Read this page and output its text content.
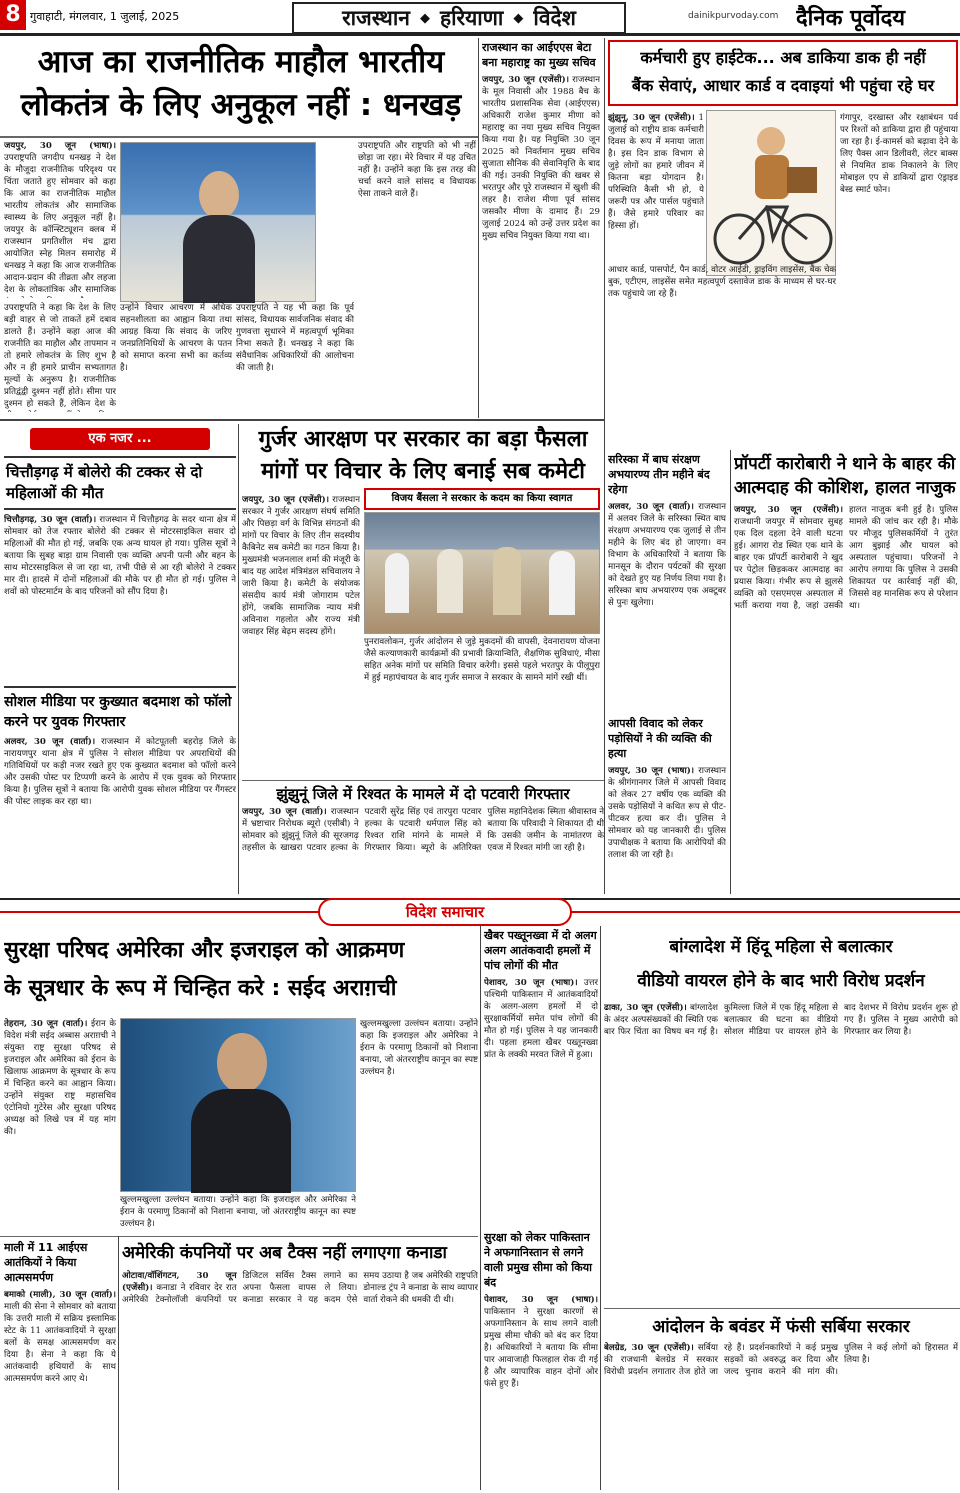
8 गुवाहाटी, मंगलवार, 1 जुलाई, 2025	राजस्थान ◆ हरियाणा ◆ विदेश	dainikpurvoday.com दैनिक पूर्वोदय
आज का राजनीतिक माहौल भारतीय
लोकतंत्र के लिए अनुकूल नहीं : धनखड़
जयपुर, 30 जून (भाषा)। उपराष्ट्रपति जगदीप धनखड़ ने देश के मौजूदा राजनीतिक परिदृश्य पर चिंता जताते हुए सोमवार को कहा कि आज का राजनीतिक माहौल भारतीय लोकतंत्र और सामाजिक स्वास्थ्य के लिए अनुकूल नहीं है। जयपुर के कॉन्स्टिट्यूशन क्लब में राजस्थान प्रगतिशील मंच द्वारा आयोजित स्नेह मिलन समारोह में धनखड़ ने कहा कि आज राजनीतिक आदान-प्रदान की तीव्रता और लहजा देश के लोकतांत्रिक और सामाजिक
उपराष्ट्रपति ने कहा कि देश के लिए बड़ी वाहर से जो ताकतें हमें दबाव डालते हैं। उन्होंने कहा आज की राजनीति का माहौल और तापमान न तो हमारे लोकतंत्र के लिए शुभ है और न ही हमारे प्राचीन सभ्यतागत मूल्यों के अनुरूप है। राजनीतिक प्रतिद्वंद्वी दुश्मन नहीं होते। सीमा पार दुश्मन हो सकते हैं, लेकिन देश के
उन्होंने विचार आचरण में अधिक सहनशीलता का आह्वान किया तथा आग्रह किया कि संवाद के जरिए जनप्रतिनिधियों के आचरण के पतन को समाप्त करना सभी का कर्तव्य है।
उपराष्ट्रपति ने यह भी कहा कि पूर्व सांसद, विधायक सार्वजनिक संवाद की गुणवत्ता सुधारने में महत्वपूर्ण भूमिका निभा सकते हैं। धनखड़ ने कहा कि संवैधानिक अधिकारियों की आलोचना की जाती है।
उपराष्ट्रपति और राष्ट्रपति को भी नहीं छोड़ा जा रहा। मेरे विचार में यह उचित नहीं है। उन्होंने कहा कि इस तरह की चर्चा करने वाले सांसद व विधायक ऐसा ताकने वाले हैं।
राजस्थान का आईएएस बेटा बना महाराष्ट्र का मुख्य सचिव
जयपुर, 30 जून (एजेंसी)। राजस्थान के मूल निवासी और 1988 बैच के भारतीय प्रशासनिक सेवा (आईएएस) अधिकारी राजेश कुमार मीणा को महाराष्ट्र का नया मुख्य सचिव नियुक्त किया गया है। यह नियुक्ति 30 जून 2025 को निवर्तमान मुख्य सचिव सुजाता सौनिक की सेवानिवृत्ति के बाद की गई। उनकी नियुक्ति की खबर से भरतपुर और पूरे राजस्थान में खुशी की लहर है। राजेश मीणा पूर्व सांसद जसकौर मीणा के दामाद हैं। 29 जुलाई 2024 को उन्हें उत्तर प्रदेश का मुख्य सचिव नियुक्त किया गया था।
कर्मचारी हुए हाईटेक... अब डाकिया डाक ही नहीं
बैंक सेवाएं, आधार कार्ड व दवाइयां भी पहुंचा रहे घर
झुंझुनू, 30 जून (एजेंसी)। 1 जुलाई को राष्ट्रीय डाक कर्मचारी दिवस के रूप में मनाया जाता है। इस दिन डाक विभाग से जुड़े लोगों का हमारे जीवन में कितना बड़ा योगदान है। परिस्थिति कैसी भी हो, ये जरूरी पत्र और पार्सल पहुंचाते हैं। जैसे हमारे परिवार का हिस्सा हों।
गंगापुर, दरखास्त और रक्षाबंधन पर्व पर रिश्तों को डाकिया द्वारा ही पहुंचाया जा रहा है। ई-कामर्स को बढ़ावा देने के लिए पैक्स आन डिलीवरी, लेटर बाक्स से नियमित डाक निकालने के लिए मोबाइल एप से डाकियों द्वारा एंड्राइड बेस्ड स्मार्ट फोन।
आधार कार्ड, पासपोर्ट, पैन कार्ड, वोटर आईडी, ड्राइविंग लाइसेंस, बैंक चेक बुक, एटीएम, लाइसेंस समेत महत्वपूर्ण दस्तावेज डाक के माध्यम से घर-घर तक पहुंचाये जा रहे हैं।
एक नजर ...
चित्तौड़गढ़ में बोलेरो की टक्कर से दो महिलाओं की मौत
चित्तौड़गढ़, 30 जून (वार्ता)। राजस्थान में चित्तौड़गढ़ के सदर थाना क्षेत्र में सोमवार को तेज रफ्तार बोलेरो की टक्कर से मोटरसाइकिल सवार दो महिलाओं की मौत हो गई, जबकि एक अन्य घायल हो गया। पुलिस सूत्रों ने बताया कि सुबह बाड़ा ग्राम निवासी एक व्यक्ति अपनी पत्नी और बहन के साथ मोटरसाइकिल से जा रहा था, तभी पीछे से आ रही बोलेरो ने टक्कर मार दी। हादसे में दोनों महिलाओं की मौके पर ही मौत हो गई। पुलिस ने शवों को पोस्टमार्टम के बाद परिजनों को सौंप दिया है।
सोशल मीडिया पर कुख्यात बदमाश को फॉलो करने पर युवक गिरफ्तार
अलवर, 30 जून (वार्ता)। राजस्थान में कोटपूतली बहरोड़ जिले के नारायणपुर थाना क्षेत्र में पुलिस ने सोशल मीडिया पर अपराधियों की गतिविधियों पर कड़ी नजर रखते हुए एक कुख्यात बदमाश को फॉलो करने और उसकी पोस्ट पर टिप्पणी करने के आरोप में एक युवक को गिरफ्तार किया है। पुलिस सूत्रों ने बताया कि आरोपी युवक सोशल मीडिया पर गैंगस्टर की पोस्ट लाइक कर रहा था।
गुर्जर आरक्षण पर सरकार का बड़ा फैसला
मांगों पर विचार के लिए बनाई सब कमेटी
जयपुर, 30 जून (एजेंसी)। राजस्थान सरकार ने गुर्जर आरक्षण संघर्ष समिति और पिछड़ा वर्ग के विभिन्न संगठनों की मांगों पर विचार के लिए तीन सदस्यीय कैबिनेट सब कमेटी का गठन किया है। मुख्यमंत्री भजनलाल शर्मा की मंजूरी के बाद यह आदेश मंत्रिमंडल सचिवालय ने जारी किया है। कमेटी के संयोजक संसदीय कार्य मंत्री जोगाराम पटेल होंगे, जबकि सामाजिक न्याय मंत्री अविनाश गहलोत और राज्य मंत्री जवाहर सिंह बेढ़म सदस्य होंगे।
विजय बैंसला ने सरकार के कदम का किया स्वागत
पुनरावलोकन, गुर्जर आंदोलन से जुड़े मुकदमों की वापसी, देवनारायण योजना जैसे कल्याणकारी कार्यक्रमों की प्रभावी क्रियान्विति, शैक्षणिक सुविधाएं, मीसा सहित अनेक मांगों पर समिति विचार करेगी। इससे पहले भरतपुर के पीलूपुरा में हुई महापंचायत के बाद गुर्जर समाज ने सरकार के सामने मांगें रखी थीं।
झुंझुनूं जिले में रिश्वत के मामले में दो पटवारी गिरफ्तार
जयपुर, 30 जून (वार्ता)। राजस्थान में भ्रष्टाचार निरोधक ब्यूरो (एसीबी) ने सोमवार को झुंझुनूं जिले की सूरजगढ़ तहसील के खाखरा पटवार हल्का के पटवारी सुरेंद्र सिंह एवं तारपुरा पटवार हल्का के पटवारी धर्मपाल सिंह को रिश्वत राशि मांगने के मामले में गिरफ्तार किया। ब्यूरो के अतिरिक्त पुलिस महानिदेशक स्मिता श्रीवास्तव ने बताया कि परिवादी ने शिकायत दी थी कि उसकी जमीन के नामांतरण के एवज में रिश्वत मांगी जा रही है।
सरिस्का में बाघ संरक्षण अभयारण्य तीन महीने बंद रहेगा
अलवर, 30 जून (वार्ता)। राजस्थान में अलवर जिले के सरिस्का स्थित बाघ संरक्षण अभयारण्य एक जुलाई से तीन महीने के लिए बंद हो जाएगा। वन विभाग के अधिकारियों ने बताया कि मानसून के दौरान पर्यटकों की सुरक्षा को देखते हुए यह निर्णय लिया गया है। सरिस्का बाघ अभयारण्य एक अक्टूबर से पुनः खुलेगा।
आपसी विवाद को लेकर पड़ोसियों ने की व्यक्ति की हत्या
जयपुर, 30 जून (भाषा)। राजस्थान के श्रीगंगानगर जिले में आपसी विवाद को लेकर 27 वर्षीय एक व्यक्ति की उसके पड़ोसियों ने कथित रूप से पीट-पीटकर हत्या कर दी। पुलिस ने सोमवार को यह जानकारी दी। पुलिस उपाधीक्षक ने बताया कि आरोपियों की तलाश की जा रही है।
प्रॉपर्टी कारोबारी ने थाने के बाहर की आत्मदाह की कोशिश, हालत नाजुक
जयपुर, 30 जून (एजेंसी)। राजधानी जयपुर में सोमवार सुबह एक दिल दहला देने वाली घटना हुई। आगरा रोड स्थित एक थाने के बाहर एक प्रॉपर्टी कारोबारी ने खुद पर पेट्रोल छिड़ककर आत्मदाह का प्रयास किया। गंभीर रूप से झुलसे व्यक्ति को एसएमएस अस्पताल में भर्ती कराया गया है, जहां उसकी हालत नाजुक बनी हुई है। पुलिस मामले की जांच कर रही है। मौके पर मौजूद पुलिसकर्मियों ने तुरंत आग बुझाई और घायल को अस्पताल पहुंचाया। परिजनों ने आरोप लगाया कि पुलिस ने उसकी शिकायत पर कार्रवाई नहीं की, जिससे वह मानसिक रूप से परेशान था।
विदेश समाचार
सुरक्षा परिषद अमेरिका और इजराइल को आक्रमण
के सूत्रधार के रूप में चिन्हित करे : सईद अराग़ची
तेहरान, 30 जून (वार्ता)। ईरान के विदेश मंत्री सईद अब्बास अराग़ची ने संयुक्त राष्ट्र सुरक्षा परिषद से इजराइल और अमेरिका को ईरान के खिलाफ आक्रमण के सूत्रधार के रूप में चिन्हित करने का आह्वान किया। उन्होंने संयुक्त राष्ट्र महासचिव एंटोनियो गुटेरेस और सुरक्षा परिषद अध्यक्ष को लिखे पत्र में यह मांग की।
खुल्लमखुल्ला उल्लंघन बताया। उन्होंने कहा कि इजराइल और अमेरिका ने ईरान के परमाणु ठिकानों को निशाना बनाया, जो अंतरराष्ट्रीय कानून का स्पष्ट उल्लंघन है।
खुल्लमखुल्ला उल्लंघन बताया। उन्होंने कहा कि इजराइल और अमेरिका ने ईरान के परमाणु ठिकानों को निशाना बनाया, जो अंतरराष्ट्रीय कानून का स्पष्ट उल्लंघन है।
माली में 11 आईएस आतंकियों ने किया आत्मसमर्पण
बमाको (माली), 30 जून (वार्ता)। माली की सेना ने सोमवार को बताया कि उत्तरी माली में सक्रिय इस्लामिक स्टेट के 11 आतंकवादियों ने सुरक्षा बलों के समक्ष आत्मसमर्पण कर दिया है। सेना ने कहा कि ये आतंकवादी हथियारों के साथ आत्मसमर्पण करने आए थे।
अमेरिकी कंपनियों पर अब टैक्स नहीं लगाएगा कनाडा
ओटावा/वॉशिंगटन, 30 जून (एजेंसी)। कनाडा ने रविवार देर रात अमेरिकी टेक्नोलॉजी कंपनियों पर डिजिटल सर्विस टैक्स लगाने का अपना फैसला वापस ले लिया। कनाडा सरकार ने यह कदम ऐसे समय उठाया है जब अमेरिकी राष्ट्रपति डोनाल्ड ट्रंप ने कनाडा के साथ व्यापार वार्ता रोकने की धमकी दी थी।
खैबर पख्तूनख्वा में दो अलग अलग आतंकवादी हमलों में पांच लोगों की मौत
पेशावर, 30 जून (भाषा)। उत्तर पश्चिमी पाकिस्तान में आतंकवादियों के अलग-अलग हमलों में दो सुरक्षाकर्मियों समेत पांच लोगों की मौत हो गई। पुलिस ने यह जानकारी दी। पहला हमला खैबर पख्तूनख्वा प्रांत के लक्की मरवत जिले में हुआ।
सुरक्षा को लेकर पाकिस्तान ने अफगानिस्तान से लगने वाली प्रमुख सीमा को किया बंद
पेशावर, 30 जून (भाषा)। पाकिस्तान ने सुरक्षा कारणों से अफगानिस्तान के साथ लगने वाली प्रमुख सीमा चौकी को बंद कर दिया है। अधिकारियों ने बताया कि सीमा पार आवाजाही फिलहाल रोक दी गई है और व्यापारिक वाहन दोनों ओर फंसे हुए हैं।
बांग्लादेश में हिंदू महिला से बलात्कार
वीडियो वायरल होने के बाद भारी विरोध प्रदर्शन
ढाका, 30 जून (एजेंसी)। बांग्लादेश के अंदर अल्पसंख्यकों की स्थिति एक बार फिर चिंता का विषय बन गई है। कुमिल्ला जिले में एक हिंदू महिला से बलात्कार की घटना का वीडियो सोशल मीडिया पर वायरल होने के बाद देशभर में विरोध प्रदर्शन शुरू हो गए हैं। पुलिस ने मुख्य आरोपी को गिरफ्तार कर लिया है।
आंदोलन के बवंडर में फंसी सर्बिया सरकार
बेलग्रेड, 30 जून (एजेंसी)। सर्बिया की राजधानी बेलग्रेड में सरकार विरोधी प्रदर्शन लगातार तेज होते जा रहे हैं। प्रदर्शनकारियों ने कई प्रमुख सड़कों को अवरुद्ध कर दिया और जल्द चुनाव कराने की मांग की। पुलिस ने कई लोगों को हिरासत में लिया है।
